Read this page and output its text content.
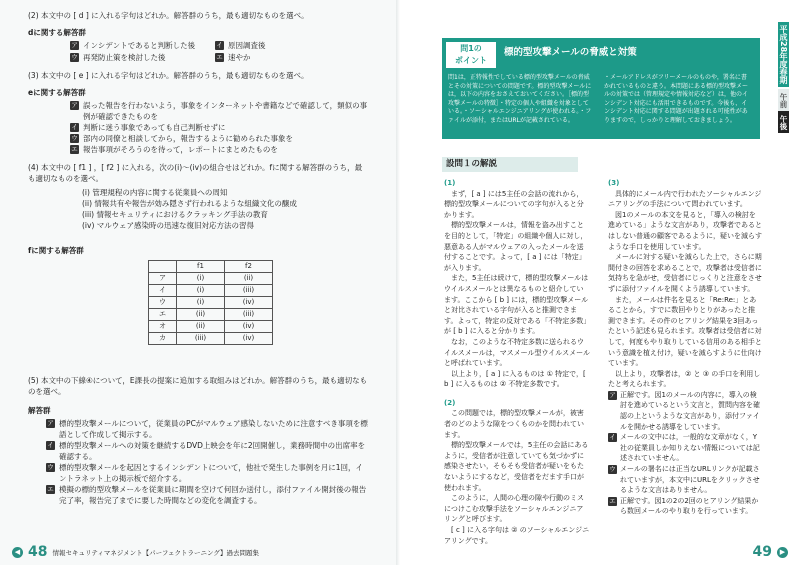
(2) 本文中の [ d ] に入れる字句はどれか。解答群のうち，最も適切なものを選べ。
dに関する解答群
ア インシデントであると判断した後	イ 原因調査後
ウ 再発防止策を検討した後	エ 速やか
(3) 本文中の [ e ] に入れる字句はどれか。解答群のうち，最も適切なものを選べ。
eに関する解答群
ア 誤った報告を行わないよう，事象をインターネットや書籍などで確認して，類似の事例が確認できたものを
イ 判断に迷う事象であっても自己判断せずに
ウ 部内の同僚と相談してから，報告するように勧められた事象を
エ 報告事項がそろうのを待って，レポートにまとめたものを
(4) 本文中の [ f1 ] ，[ f2 ] に入れる，次の(i)～(iv)の組合せはどれか。fに関する解答群のうち，最も適切なものを選べ。
(i) 管理規程の内容に関する従業員への周知
(ii) 情報共有や報告が効み隠さず行われるような組織文化の醸成
(iii) 情報セキュリティにおけるクラッキング手法の教育
(iv) マルウェア感染時の迅速な復旧対応方法の習得
fに関する解答群
	f1	f2
ア	(i)	(ii)
イ	(i)	(iii)
ウ	(i)	(iv)
エ	(ii)	(iii)
オ	(ii)	(iv)
カ	(iii)	(iv)
(5) 本文中の下線④について，E課長の提案に追加する取組みはどれか。解答群のうち，最も適切なものを選べ。
解答群
ア 標的型攻撃メールについて，従業員のPCがマルウェア感染しないために注意すべき事項を標語として作成して掲示する。
イ 標的型攻撃メールへの対策を継続するDVD上映会を年に2回開催し，業務時間中の出席率を確認する。
ウ 標的型攻撃メールを起因とするインシデントについて，他社で発生した事例を月に1回，イントラネット上の掲示板で紹介する。
エ 模擬の標的型攻撃メールを従業員に期間を空けて何回か送付し，添付ファイル開封後の報告完了率，報告完了までに要した時間などの変化を調査する。
◀ 48 情報セキュリティマネジメント【パーフェクトラーニング】過去問題集
問1の
ポイント
標的型攻撃メールの脅威と対策
問1は，正特報性でしている標的型攻撃メールの脅威とその対策についての問題です。標的型攻撃メールには，以下の内容をおさえておいてください。［標的型攻撃メールの特徴］・特定の個人や組織を対象としている。・ソーシャルエンジニアリングが使われる。・ファイルが添付，またはURLが記載されている。
・メールアドレスがフリーメールのものや，署名に書かれているものと違う。本問題にある標的型攻撃メールの対策では（管理規定や情報対応など）は，他のインシデント対応にも活用できるものです。今後も，インシデント対応に関する問題が出題される可能性がありますので，しっかりと理解しておきましょう。
設問１の解説
(1)

まず，[ a ] には5主任の会話の流れから，標的型攻撃メールについての字句が入ると分かります。

標的型攻撃メールは，情報を盗み出すことを目的として，「特定」の組織や個人に対し，悪意ある人がマルウェアの入ったメールを送付することです。よって，[ a ] には「特定」が入ります。

また，5主任は続けて，標的型攻撃メールはウイルスメールとは異なるものと紹介しています。ここから [ b ] には，標的型攻撃メールと対比されている字句が入ると推測できます。よって，特定の反対である「不特定多数」が [ b ] に入ると分かります。

なお，このような不特定多数に送られるウイルスメールは，マスメール型ウイルスメールと呼ばれています。

以上より，[ a ] に入るものは ① 特定で，[ b ] に入るものは ② 不特定多数です。

(2)

この問題では，標的型攻撃メールが，被害者のどのような隙をつくものかを問われています。

標的型攻撃メールでは，5主任の会話にあるように，受信者が注意していても気づかずに感染させたい，そもそも受信者が疑いをもたないようにするなど，受信者をだます手口が使われます。

このように，人間の心理の隙や行動のミスにつけこむ攻撃手法をソーシャルエンジニアリングと呼びます。

[ c ] に入る字句は ② のソーシャルエンジニアリングです。

(3)

具体的にメール内で行われたソーシャルエンジニアリングの手法について問われています。

図1のメールの本文を見ると，「導入の検討を進めている」ような文言があり，攻撃者であるとはしない普通の顧客であるように，疑いを減らすような手口を使用しています。

メールに対する疑いを減らした上で，さらに期間付きの回答を求めることで，攻撃者は受信者に気持ちを急がせ，受信者にじっくりと注意をさせずに添付ファイルを開くよう誘導しています。

また，メールは件名を見ると「Re:Re:」とあることから，すでに数回やりとりがあったと推測できます。その件のヒアリング結果を3回あったという記述も見られます。攻撃者は受信者に対して，何度もやり取りしている信用のある相手という意識を植え付け，疑いを減らすように仕向けています。

以上より，攻撃者は，② と ③ の手口を利用したと考えられます。

ア 正解です。図1のメールの内容に，導入の検討を進めているという文言と，質問内容を確認の上というような文言があり，添付ファイルを開かせる誘導をしています。
イ メールの文中には，一般的な文章がなく，Y社の従業員しか知りえない情報については記述されていません。
ウ メールの署名には正当なURLリンクが記載されていますが，本文中にURLをクリックさせるような文言はありません。
エ 正解です。図1の2の2回のヒアリング結果から数回メールのやり取りを行っています。
平成28年度春期
午前
午後
49	▶
